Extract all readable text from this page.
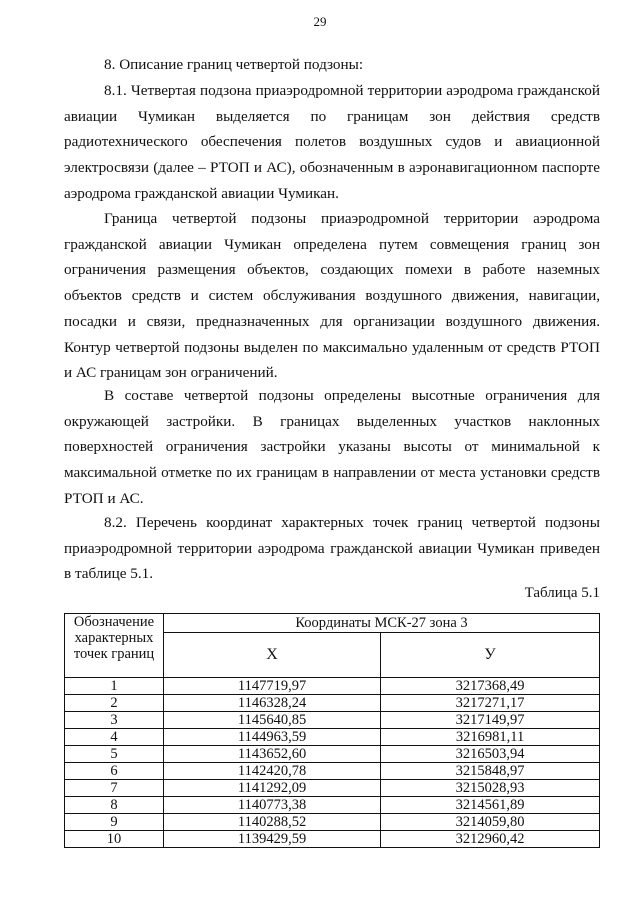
29

8. Описание границ четвертой подзоны:

8.1. Четвертая подзона приаэродромной территории аэродрома гражданской авиации Чумикан выделяется по границам зон действия средств радиотехнического обеспечения полетов воздушных судов и авиационной электросвязи (далее – РТОП и АС), обозначенным в аэронавигационном паспорте аэродрома гражданской авиации Чумикан.

Граница четвертой подзоны приаэродромной территории аэродрома гражданской авиации Чумикан определена путем совмещения границ зон ограничения размещения объектов, создающих помехи в работе наземных объектов средств и систем обслуживания воздушного движения, навигации, посадки и связи, предназначенных для организации воздушного движения. Контур четвертой подзоны выделен по максимально удаленным от средств РТОП и АС границам зон ограничений.

В составе четвертой подзоны определены высотные ограничения для окружающей застройки. В границах выделенных участков наклонных поверхностей ограничения застройки указаны высоты от минимальной к максимальной отметке по их границам в направлении от места установки средств РТОП и АС.

8.2. Перечень координат характерных точек границ четвертой подзоны приаэродромной территории аэродрома гражданской авиации Чумикан приведен в таблице 5.1.

Таблица 5.1
Обозначение характерных точек границ	Координаты МСК-27 зона 3	
	Х	У
1	1147719,97	3217368,49
2	1146328,24	3217271,17
3	1145640,85	3217149,97
4	1144963,59	3216981,11
5	1143652,60	3216503,94
6	1142420,78	3215848,97
7	1141292,09	3215028,93
8	1140773,38	3214561,89
9	1140288,52	3214059,80
10	1139429,59	3212960,42
